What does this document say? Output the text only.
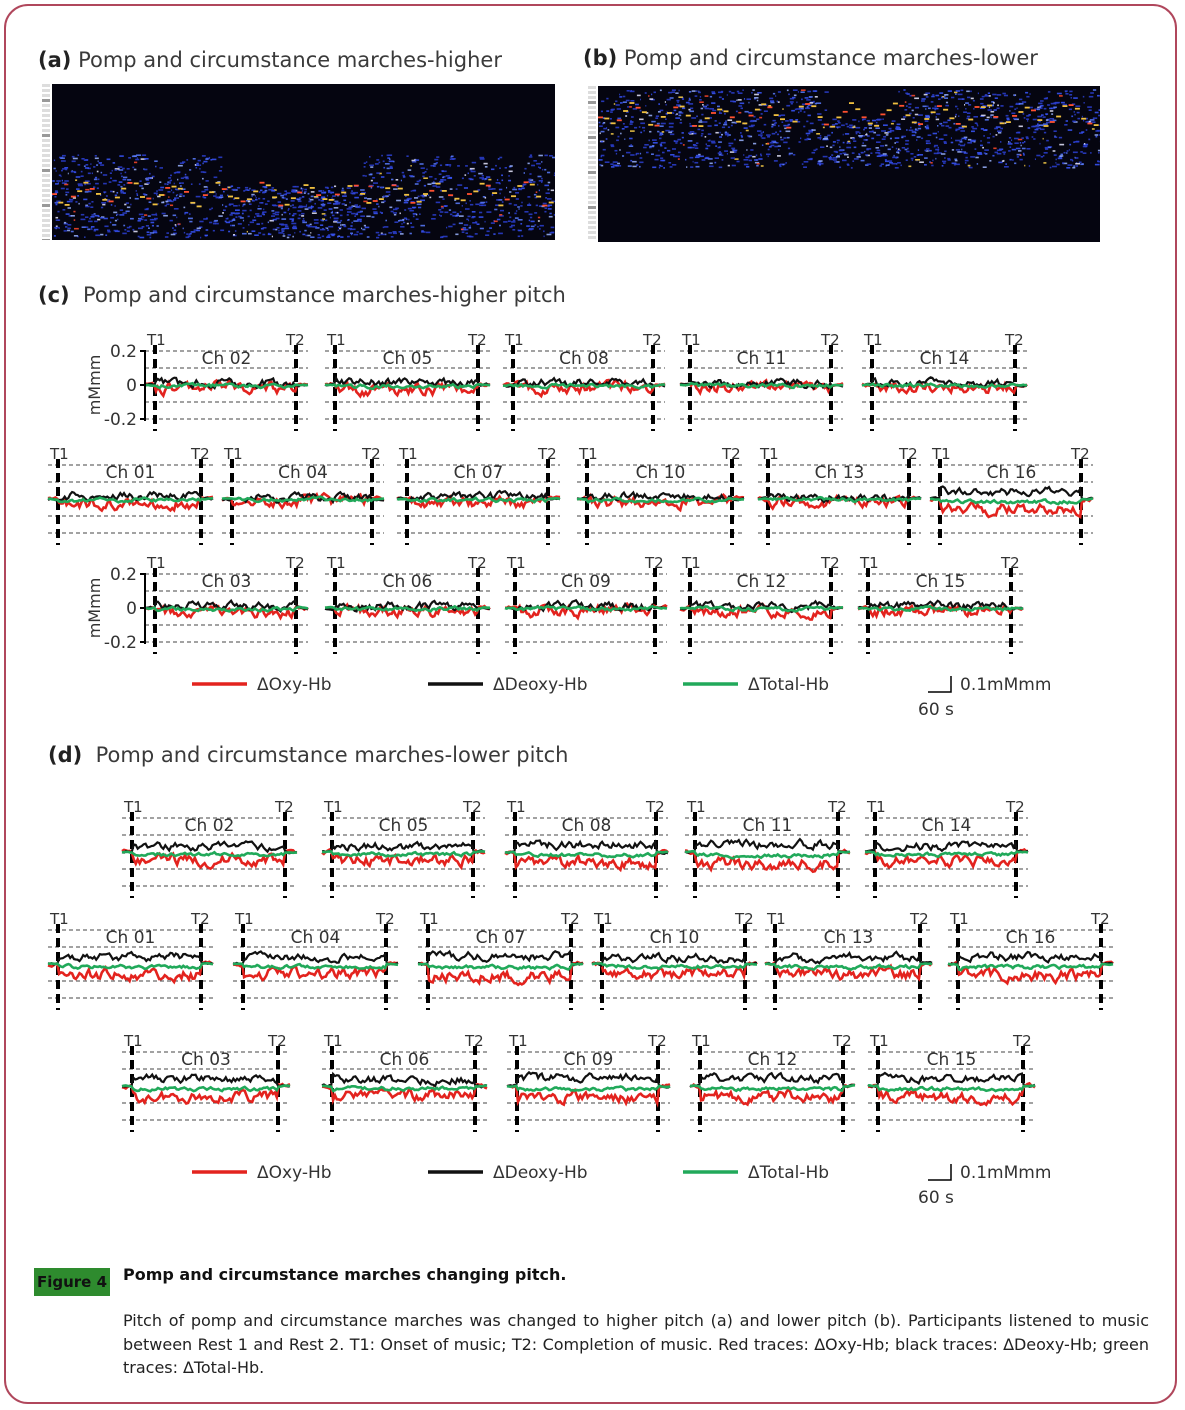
(a) Pomp and circumstance marches-higher	(b) Pomp and circumstance marches-lower
(c) Pomp and circumstance marches-higher pitch
T1	T2
Ch 02
T1	T2
Ch 05
T1	T2
Ch 08
T1	T2
Ch 11
T1	T2
Ch 14
T1	T2
Ch 01
T1	T2
Ch 04
T1	T2
Ch 07
T1	T2
Ch 10
T1	T2
Ch 13
T1	T2
Ch 16
T1	T2
Ch 03
T1	T2
Ch 06
T1	T2
Ch 09
T1	T2
Ch 12
T1	T2
Ch 15
0.2
0
-0.2
mMmm
0.2
0
-0.2
mMmm
ΔOxy-Hb	ΔDeoxy-Hb	ΔTotal-Hb	0.1mMmm
60 s
(d) Pomp and circumstance marches-lower pitch
T1	T2
Ch 02
T1	T2
Ch 05
T1	T2
Ch 08
T1	T2
Ch 11
T1	T2
Ch 14
T1	T2
Ch 01
T1	T2
Ch 04
T1	T2
Ch 07
T1	T2
Ch 10
T1	T2
Ch 13
T1	T2
Ch 16
T1	T2
Ch 03
T1	T2
Ch 06
T1	T2
Ch 09
T1	T2
Ch 12
T1	T2
Ch 15
ΔOxy-Hb	ΔDeoxy-Hb	ΔTotal-Hb	0.1mMmm
60 s
Figure 4 Pomp and circumstance marches changing pitch.
Pitch of pomp and circumstance marches was changed to higher pitch (a) and lower pitch (b). Participants listened to music between Rest 1 and Rest 2. T1: Onset of music; T2: Completion of music. Red traces: ∆Oxy-Hb; black traces: ∆Deoxy-Hb; green traces: ∆Total-Hb.
